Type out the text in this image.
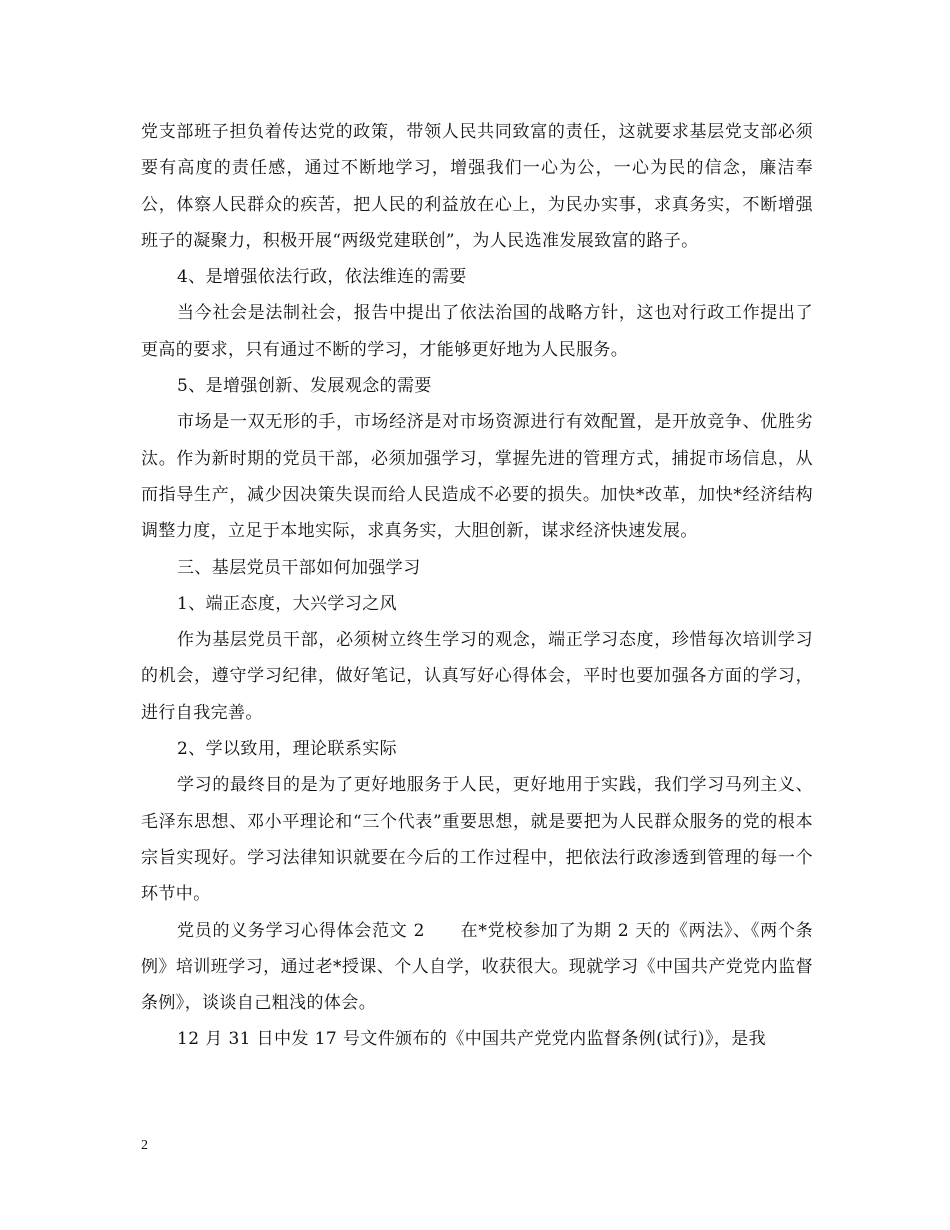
党支部班子担负着传达党的政策，带领人民共同致富的责任，这就要求基层党支部必须要有高度的责任感，通过不断地学习，增强我们一心为公，一心为民的信念，廉洁奉公，体察人民群众的疾苦，把人民的利益放在心上，为民办实事，求真务实，不断增强班子的凝聚力，积极开展“两级党建联创”，为人民选准发展致富的路子。

4、是增强依法行政，依法维连的需要

当今社会是法制社会，报告中提出了依法治国的战略方针，这也对行政工作提出了更高的要求，只有通过不断的学习，才能够更好地为人民服务。

5、是增强创新、发展观念的需要

市场是一双无形的手，市场经济是对市场资源进行有效配置，是开放竞争、优胜劣汰。作为新时期的党员干部，必须加强学习，掌握先进的管理方式，捕捉市场信息，从而指导生产，减少因决策失误而给人民造成不必要的损失。加快*改革，加快*经济结构调整力度，立足于本地实际，求真务实，大胆创新，谋求经济快速发展。

三、基层党员干部如何加强学习

1、端正态度，大兴学习之风

作为基层党员干部，必须树立终生学习的观念，端正学习态度，珍惜每次培训学习的机会，遵守学习纪律，做好笔记，认真写好心得体会，平时也要加强各方面的学习，进行自我完善。

2、学以致用，理论联系实际

学习的最终目的是为了更好地服务于人民，更好地用于实践，我们学习马列主义、毛泽东思想、邓小平理论和“三个代表”重要思想，就是要把为人民群众服务的党的根本宗旨实现好。学习法律知识就要在今后的工作过程中，把依法行政渗透到管理的每一个环节中。

党员的义务学习心得体会范文 2　　在*党校参加了为期 2 天的《两法》、《两个条例》培训班学习，通过老*授课、个人自学，收获很大。现就学习《中国共产党党内监督条例》，谈谈自己粗浅的体会。

12 月 31 日中发 17 号文件颁布的《中国共产党党内监督条例(试行)》，是我

2
